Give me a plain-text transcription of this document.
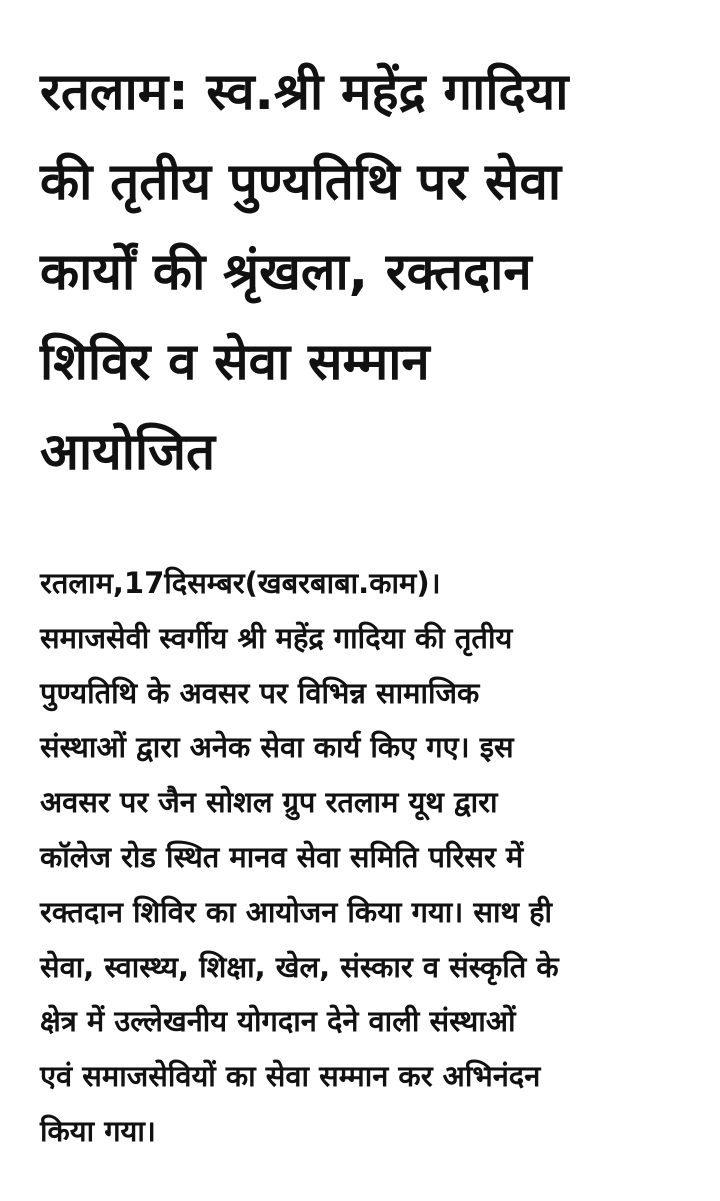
रतलाम: स्व.श्री महेंद्र गादिया
की तृतीय पुण्यतिथि पर सेवा
कार्यों की श्रृंखला, रक्तदान
शिविर व सेवा सम्मान
आयोजित

रतलाम,17दिसम्बर(खबरबाबा.काम)।
समाजसेवी स्वर्गीय श्री महेंद्र गादिया की तृतीय
पुण्यतिथि के अवसर पर विभिन्न सामाजिक
संस्थाओं द्वारा अनेक सेवा कार्य किए गए। इस
अवसर पर जैन सोशल ग्रुप रतलाम यूथ द्वारा
कॉलेज रोड स्थित मानव सेवा समिति परिसर में
रक्तदान शिविर का आयोजन किया गया। साथ ही
सेवा, स्वास्थ्य, शिक्षा, खेल, संस्कार व संस्कृति के
क्षेत्र में उल्लेखनीय योगदान देने वाली संस्थाओं
एवं समाजसेवियों का सेवा सम्मान कर अभिनंदन
किया गया।
